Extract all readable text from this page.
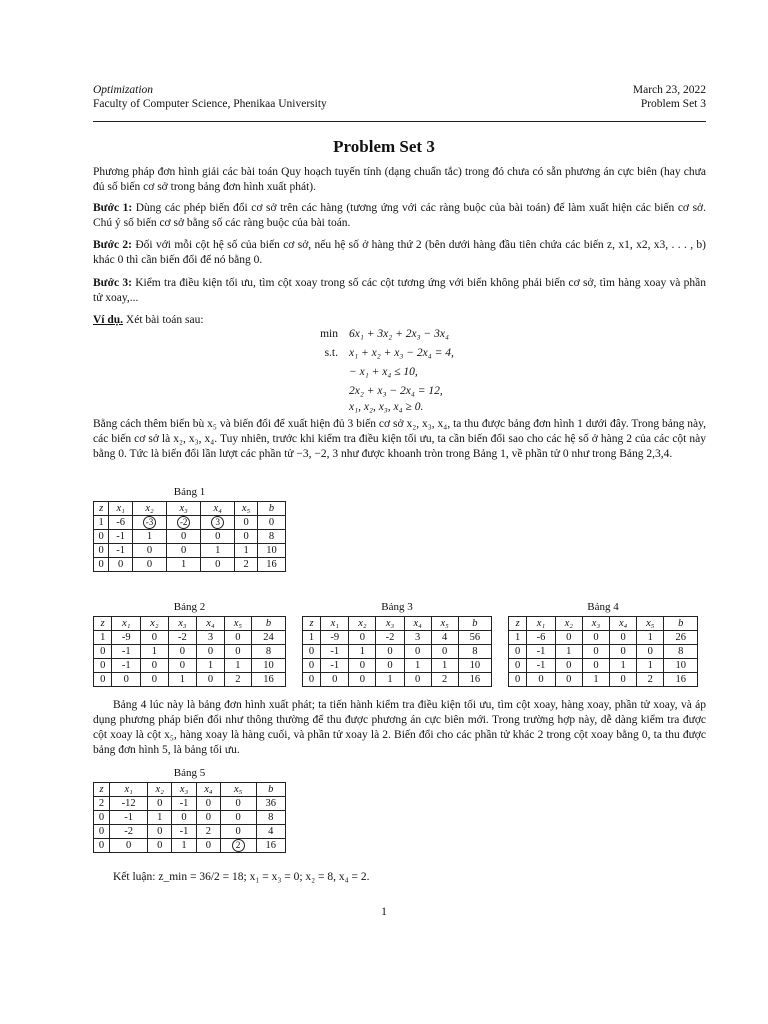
Optimization
Faculty of Computer Science, Phenikaa University
March 23, 2022
Problem Set 3
Problem Set 3
Phương pháp đơn hình giải các bài toán Quy hoạch tuyến tính (dạng chuẩn tắc) trong đó chưa có sẵn phương án cực biên (hay chưa đủ số biến cơ sở trong bảng đơn hình xuất phát).
Bước 1: Dùng các phép biến đổi cơ sở trên các hàng (tương ứng với các ràng buộc của bài toán) để làm xuất hiện các biến cơ sở. Chú ý số biến cơ sở bằng số các ràng buộc của bài toán.
Bước 2: Đối với mỗi cột hệ số của biến cơ sở, nếu hệ số ở hàng thứ 2 (bên dưới hàng đầu tiên chứa các biến z, x1, x2, x3, . . . , b) khác 0 thì cần biến đổi để nó bằng 0.
Bước 3: Kiểm tra điều kiện tối ưu, tìm cột xoay trong số các cột tương ứng với biến không phải biến cơ sở, tìm hàng xoay và phần tử xoay,...
Ví dụ. Xét bài toán sau:
min 6x₁ + 3x₂ + 2x₃ − 3x₄
s.t. x₁ + x₂ + x₃ − 2x₄ = 4,
− x₁ + x₄ ≤ 10,
2x₂ + x₃ − 2x₄ = 12,
x₁, x₂, x₃, x₄ ≥ 0.
Bằng cách thêm biến bù x₅ và biến đổi để xuất hiện đủ 3 biến cơ sở x₂, x₃, x₄, ta thu được bảng đơn hình 1 dưới đây. Trong bảng này, các biến cơ sở là x₂, x₃, x₄. Tuy nhiên, trước khi kiểm tra điều kiện tối ưu, ta cần biến đổi sao cho các hệ số ở hàng 2 của các cột này bằng 0. Tức là biến đổi lần lượt các phần tử −3, −2, 3 như được khoanh tròn trong Bảng 1, về phần tử 0 như trong Bảng 2,3,4.
Bảng 1
z	x₁	x₂	x₃	x₄	x₅	b
1	-6	-3	-2	3	0	0
0	-1	1	0	0	0	8
0	-1	0	0	1	1	10
0	0	0	1	0	2	16
Bảng 2
z	x₁	x₂	x₃	x₄	x₅	b
1	-9	0	-2	3	0	24
0	-1	1	0	0	0	8
0	-1	0	0	1	1	10
0	0	0	1	0	2	16
Bảng 3
z	x₁	x₂	x₃	x₄	x₅	b
1	-9	0	-2	3	4	56
0	-1	1	0	0	0	8
0	-1	0	0	1	1	10
0	0	0	1	0	2	16
Bảng 4
z	x₁	x₂	x₃	x₄	x₅	b
1	-6	0	0	0	1	26
0	-1	1	0	0	0	8
0	-1	0	0	1	1	10
0	0	0	1	0	2	16
Bảng 4 lúc này là bảng đơn hình xuất phát; ta tiến hành kiểm tra điều kiện tối ưu, tìm cột xoay, hàng xoay, phần tử xoay, và áp dụng phương pháp biến đổi như thông thường để thu được phương án cực biên mới. Trong trường hợp này, dễ dàng kiểm tra được cột xoay là cột x₅, hàng xoay là hàng cuối, và phần tử xoay là 2. Biến đổi cho các phần tử khác 2 trong cột xoay bằng 0, ta thu được bảng đơn hình 5, là bảng tối ưu.
Bảng 5
z	x₁	x₂	x₃	x₄	x₅	b
2	-12	0	-1	0	0	36
0	-1	1	0	0	0	8
0	-2	0	-1	2	0	4
0	0	0	1	0	2	16
Kết luận: z_min = 36/2 = 18; x₁ = x₃ = 0; x₂ = 8, x₄ = 2.
1
